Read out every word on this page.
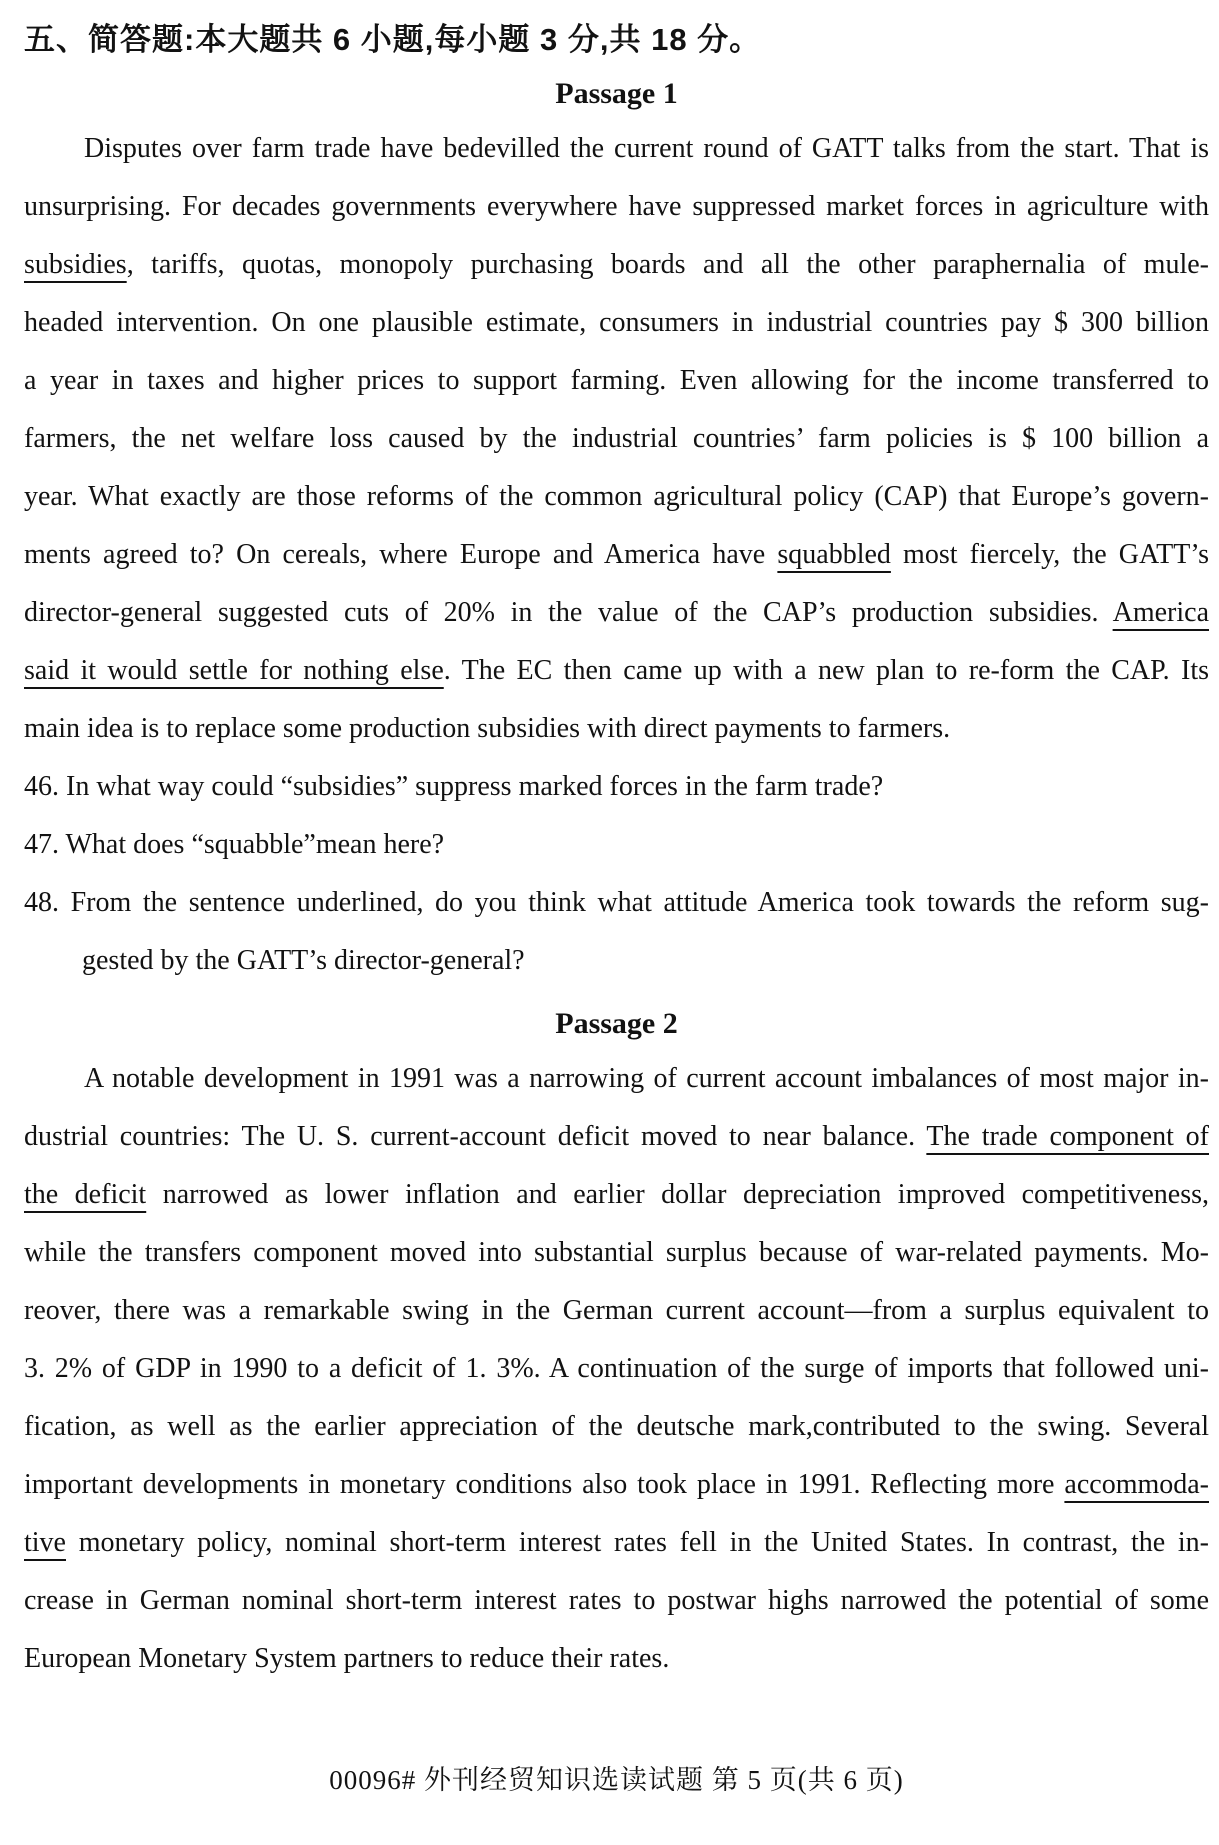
五、简答题:本大题共 6 小题,每小题 3 分,共 18 分。
Passage 1
Disputes over farm trade have bedevilled the current round of GATT talks from the start. That is
unsurprising. For decades governments everywhere have suppressed market forces in agriculture with
subsidies, tariffs, quotas, monopoly purchasing boards and all the other paraphernalia of mule-
headed intervention. On one plausible estimate, consumers in industrial countries pay $ 300 billion
a year in taxes and higher prices to support farming. Even allowing for the income transferred to
farmers, the net welfare loss caused by the industrial countries’ farm policies is $ 100 billion a
year. What exactly are those reforms of the common agricultural policy (CAP) that Europe’s govern-
ments agreed to? On cereals, where Europe and America have squabbled most fiercely, the GATT’s
director-general suggested cuts of 20% in the value of the CAP’s production subsidies. America
said it would settle for nothing else. The EC then came up with a new plan to re-form the CAP. Its
main idea is to replace some production subsidies with direct payments to farmers.
46. In what way could “subsidies” suppress marked forces in the farm trade?
47. What does “squabble”mean here?
48. From the sentence underlined, do you think what attitude America took towards the reform sug-
gested by the GATT’s director-general?
Passage 2
A notable development in 1991 was a narrowing of current account imbalances of most major in-
dustrial countries: The U. S. current-account deficit moved to near balance. The trade component of
the deficit narrowed as lower inflation and earlier dollar depreciation improved competitiveness,
while the transfers component moved into substantial surplus because of war-related payments. Mo-
reover, there was a remarkable swing in the German current account—from a surplus equivalent to
3. 2% of GDP in 1990 to a deficit of 1. 3%. A continuation of the surge of imports that followed uni-
fication, as well as the earlier appreciation of the deutsche mark,contributed to the swing. Several
important developments in monetary conditions also took place in 1991. Reflecting more accommoda-
tive monetary policy, nominal short-term interest rates fell in the United States. In contrast, the in-
crease in German nominal short-term interest rates to postwar highs narrowed the potential of some
European Monetary System partners to reduce their rates.
00096# 外刊经贸知识选读试题 第 5 页(共 6 页)
